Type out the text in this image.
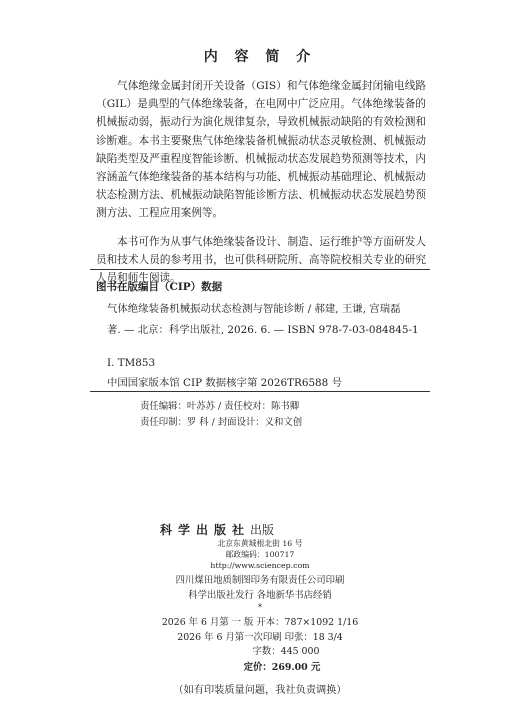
内 容 简 介
气体绝缘金属封闭开关设备（GIS）和气体绝缘金属封闭输电线路（GIL）是典型的气体绝缘装备，在电网中广泛应用。气体绝缘装备的机械振动弱，振动行为演化规律复杂，导致机械振动缺陷的有效检测和诊断难。本书主要聚焦气体绝缘装备机械振动状态灵敏检测、机械振动缺陷类型及严重程度智能诊断、机械振动状态发展趋势预测等技术，内容涵盖气体绝缘装备的基本结构与功能、机械振动基础理论、机械振动状态检测方法、机械振动缺陷智能诊断方法、机械振动状态发展趋势预测方法、工程应用案例等。
本书可作为从事气体绝缘装备设计、制造、运行维护等方面研发人员和技术人员的参考用书，也可供科研院所、高等院校相关专业的研究人员和师生阅读。
图书在版编目（CIP）数据
气体绝缘装备机械振动状态检测与智能诊断 / 郝建, 王谦, 宫瑞磊
著. — 北京：科学出版社, 2026. 6. — ISBN 978-7-03-084845-1
Ⅰ. TM853
中国国家版本馆 CIP 数据核字第 2026TR6588 号
责任编辑：叶苏苏 / 责任校对：陈书卿
责任印制：罗 科 / 封面设计：义和文创
科学出版社出版
北京东黄城根北街 16 号
邮政编码：100717
http://www.sciencep.com
四川煤田地质制图印务有限责任公司印刷
科学出版社发行 各地新华书店经销
*
2026 年 6 月第 一 版 开本：787×1092 1/16
2026 年 6 月第一次印刷 印张：18 3/4
字数：445 000
定价：269.00 元
（如有印装质量问题，我社负责调换）
